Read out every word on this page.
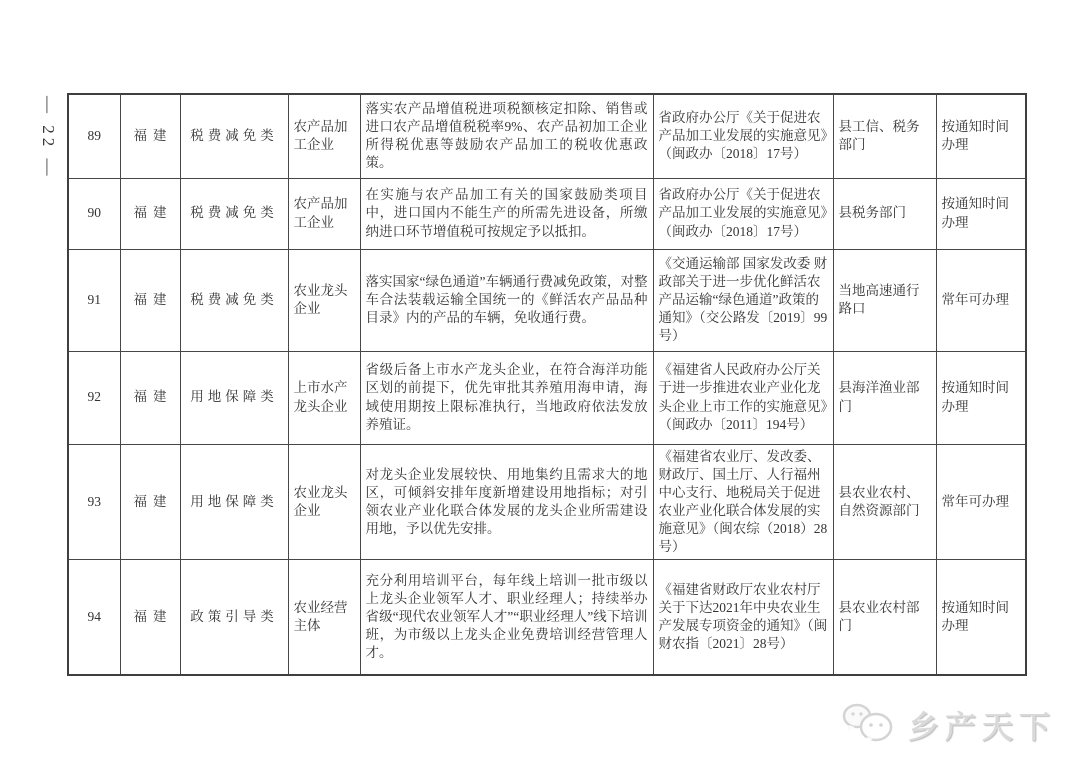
— 22 — 89	福建	税费减免类	农产品加工企业	落实农产品增值税进项税额核定扣除、销售或进口农产品增值税税率9%、农产品初加工企业所得税优惠等鼓励农产品加工的税收优惠政策。	省政府办公厅《关于促进农产品加工业发展的实施意见》（闽政办〔2018〕17号）	县工信、税务部门	按通知时间办理
90	福建	税费减免类	农产品加工企业	在实施与农产品加工有关的国家鼓励类项目中，进口国内不能生产的所需先进设备，所缴纳进口环节增值税可按规定予以抵扣。	省政府办公厅《关于促进农产品加工业发展的实施意见》（闽政办〔2018〕17号）	县税务部门	按通知时间办理
91	福建	税费减免类	农业龙头企业	落实国家“绿色通道”车辆通行费减免政策，对整车合法装载运输全国统一的《鲜活农产品品种目录》内的产品的车辆，免收通行费。	《交通运输部 国家发改委 财政部关于进一步优化鲜活农产品运输“绿色通道”政策的通知》（交公路发〔2019〕99号）	当地高速通行路口	常年可办理
92	福建	用地保障类	上市水产龙头企业	省级后备上市水产龙头企业，在符合海洋功能区划的前提下，优先审批其养殖用海申请，海域使用期按上限标准执行，当地政府依法发放养殖证。	《福建省人民政府办公厅关于进一步推进农业产业化龙头企业上市工作的实施意见》（闽政办〔2011〕194号）	县海洋渔业部门	按通知时间办理
93	福建	用地保障类	农业龙头企业	对龙头企业发展较快、用地集约且需求大的地区，可倾斜安排年度新增建设用地指标；对引领农业产业化联合体发展的龙头企业所需建设用地，予以优先安排。	《福建省农业厅、发改委、财政厅、国土厅、人行福州中心支行、地税局关于促进农业产业化联合体发展的实施意见》（闽农综（2018）28号）	县农业农村、自然资源部门	常年可办理
94	福建	政策引导类	农业经营主体	充分利用培训平台，每年线上培训一批市级以上龙头企业领军人才、职业经理人；持续举办省级“现代农业领军人才”“职业经理人”线下培训班，为市级以上龙头企业免费培训经营管理人才。	《福建省财政厅农业农村厅关于下达2021年中央农业生产发展专项资金的通知》（闽财农指〔2021〕28号）	县农业农村部门	按通知时间办理
乡产天下
